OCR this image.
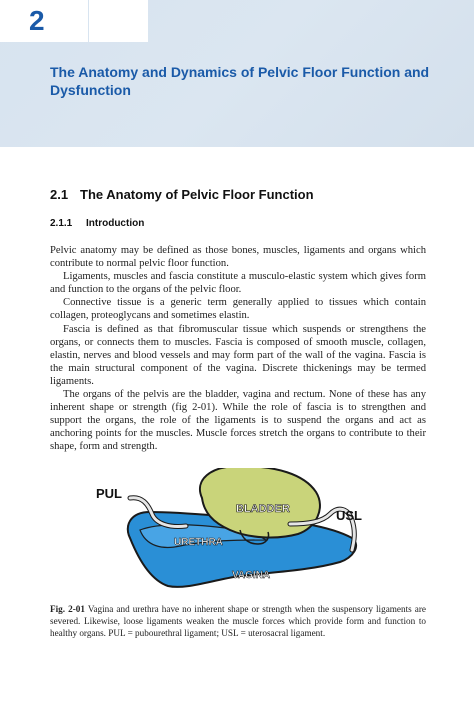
2
The Anatomy and Dynamics of Pelvic Floor Function and Dysfunction
2.1 The Anatomy of Pelvic Floor Function
2.1.1 Introduction

Pelvic anatomy may be defined as those bones, muscles, ligaments and organs which contribute to normal pelvic floor function.

Ligaments, muscles and fascia constitute a musculo-elastic system which gives form and function to the organs of the pelvic floor.

Connective tissue is a generic term generally applied to tissues which contain collagen, proteoglycans and sometimes elastin.

Fascia is defined as that fibromuscular tissue which suspends or strengthens the organs, or connects them to muscles. Fascia is composed of smooth muscle, collagen, elastin, nerves and blood vessels and may form part of the wall of the vagina. Fascia is the main structural component of the vagina. Discrete thickenings may be termed ligaments.

The organs of the pelvis are the bladder, vagina and rectum. None of these has any inherent shape or strength (fig 2-01). While the role of fascia is to strengthen and support the organs, the role of the ligaments is to suspend the organs and act as anchoring points for the muscles. Muscle forces stretch the organs to contribute to their shape, form and strength.

PUL
BLADDER	USL
URETHRA
VAGINA
Fig. 2-01 Vagina and urethra have no inherent shape or strength when the suspensory ligaments are severed. Likewise, loose ligaments weaken the muscle forces which provide form and function to healthy organs. PUL = pubourethral ligament; USL = uterosacral ligament.
